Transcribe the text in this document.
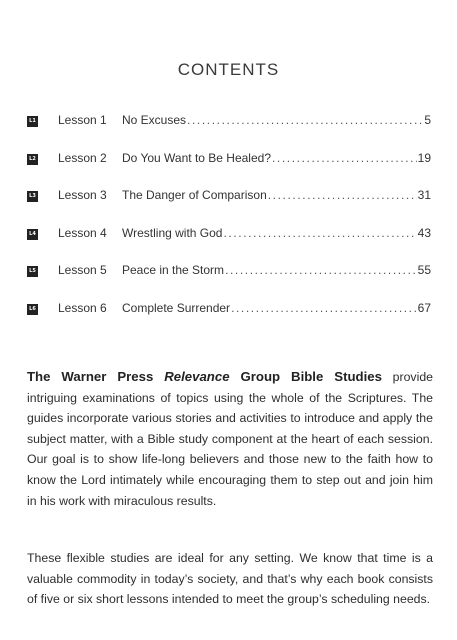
CONTENTS
L1 Lesson 1 No Excuses .....	5
L2 Lesson 2 Do You Want to Be Healed? .....	19
L3 Lesson 3 The Danger of Comparison .....	31
L4 Lesson 4 Wrestling with God .....	43
L5 Lesson 5 Peace in the Storm .....	55
L6 Lesson 6 Complete Surrender .....	67

The Warner Press Relevance Group Bible Studies provide intriguing examinations of topics using the whole of the Scriptures. The guides incorporate various stories and activities to introduce and apply the subject matter, with a Bible study component at the heart of each session. Our goal is to show life-long believers and those new to the faith how to know the Lord intimately while encouraging them to step out and join him in his work with miraculous results.

These flexible studies are ideal for any setting. We know that time is a valuable commodity in today’s society, and that’s why each book consists of five or six short lessons intended to meet the group’s scheduling needs.
